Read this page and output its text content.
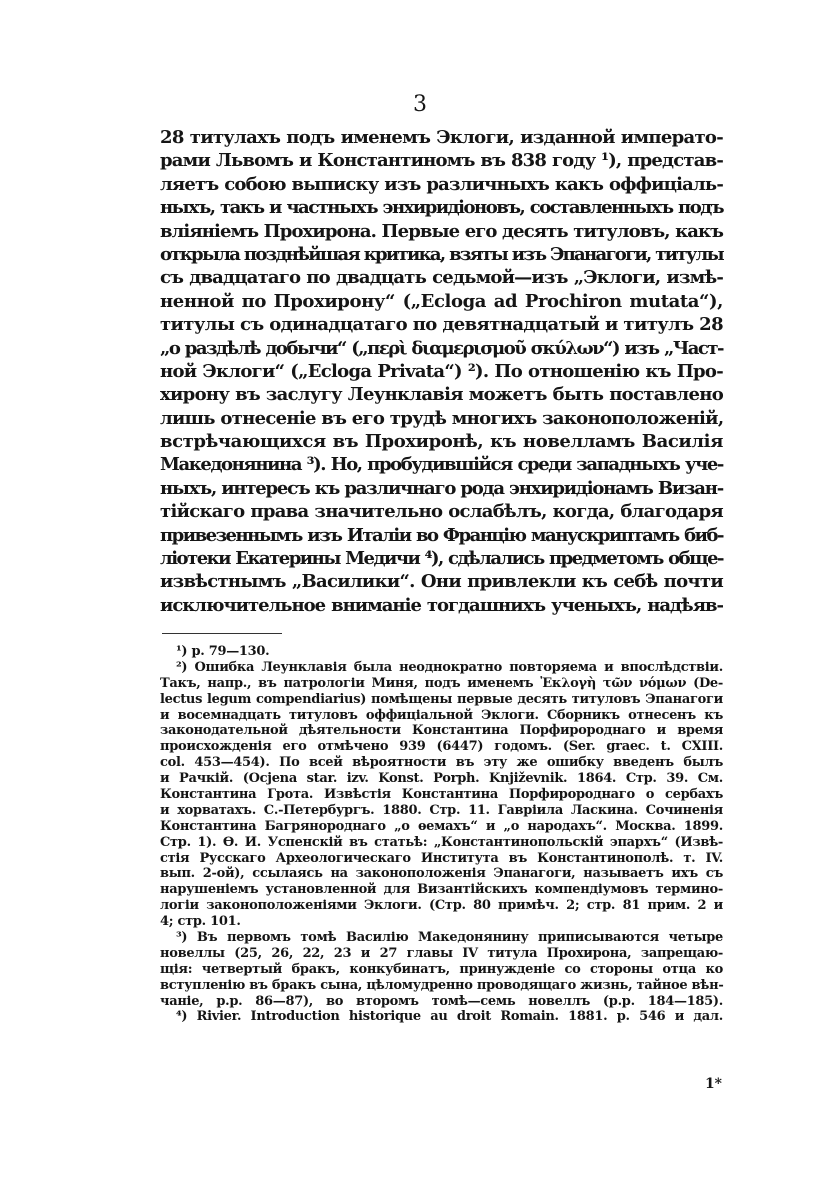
3
28 титулахъ подъ именемъ Эклоги, изданной императо-
рами Львомъ и Константиномъ въ 838 году ¹), представ-
ляетъ собою выписку изъ различныхъ какъ оффиціаль-
ныхъ, такъ и частныхъ энхиридіоновъ, составленныхъ подъ
вліяніемъ Прохирона. Первые его десять титуловъ, какъ
открыла позднѣйшая критика, взяты изъ Эпанагоги, титулы
съ двадцатаго по двадцать седьмой—изъ „Эклоги, измѣ-
ненной по Прохирону“ („Ecloga ad Prochiron mutata“),
титулы съ одинадцатаго по девятнадцатый и титулъ 28
„о раздѣлѣ добычи“ („περὶ διαμερισμοῦ σκύλων“) изъ „Част-
ной Эклоги“ („Ecloga Privata“) ²). По отношенію къ Про-
хирону въ заслугу Леунклавія можетъ быть поставлено
лишь отнесеніе въ его трудѣ многихъ законоположеній,
встрѣчающихся въ Прохиронѣ, къ новелламъ Василія
Македонянина ³). Но, пробудившійся среди западныхъ уче-
ныхъ, интересъ къ различнаго рода энхиридіонамъ Визан-
тійскаго права значительно ослабѣлъ, когда, благодаря
привезеннымъ изъ Италіи во Францію манускриптамъ биб-
ліотеки Екатерины Медичи ⁴), сдѣлались предметомъ обще-
извѣстнымъ „Василики“. Они привлекли къ себѣ почти
исключительное вниманіе тогдашнихъ ученыхъ, надѣяв-
¹) p. 79—130.
²) Ошибка Леунклавія была неоднократно повторяема и впослѣдствіи.
Такъ, напр., въ патрологіи Миня, подъ именемъ Ἐκλογὴ τῶν νόμων (De-
lectus legum compendiarius) помѣщены первые десять титуловъ Эпанагоги
и восемнадцать титуловъ оффиціальной Эклоги. Сборникъ отнесенъ къ
законодательной дѣятельности Константина Порфиророднаго и время
происхожденія его отмѣчено 939 (6447) годомъ. (Ser. graec. t. CXIII.
col. 453—454). По всей вѣроятности въ эту же ошибку введенъ былъ
и Рачкій. (Ocjena star. izv. Konst. Porph. Književnik. 1864. Стр. 39. См.
Константина Грота. Извѣстія Константина Порфиророднаго о сербахъ
и хорватахъ. С.-Петербургъ. 1880. Стр. 11. Гавріила Ласкина. Сочиненія
Константина Багрянороднаго „о ѳемахъ“ и „о народахъ“. Москва. 1899.
Стр. 1). Ѳ. И. Успенскій въ статьѣ: „Константинопольскій эпархъ“ (Извѣ-
стія Русскаго Археологическаго Института въ Константинополѣ. т. IV.
вып. 2-ой), ссылаясь на законоположенія Эпанагоги, называетъ ихъ съ
нарушеніемъ установленной для Византійскихъ компендіумовъ термино-
логіи законоположеніями Эклоги. (Стр. 80 примѣч. 2; стр. 81 прим. 2 и
4; стр. 101.
³) Въ первомъ томѣ Василію Македонянину приписываются четыре
новеллы (25, 26, 22, 23 и 27 главы IV титула Прохирона, запрещаю-
щія: четвертый бракъ, конкубинатъ, принужденіе со стороны отца ко
вступленію въ бракъ сына, цѣломудренно проводящаго жизнь, тайное вѣн-
чаніе, p.p. 86—87), во второмъ томѣ—семь новеллъ (p.p. 184—185).
⁴) Rivier. Introduction historique au droit Romain. 1881. p. 546 и дал.
1*
